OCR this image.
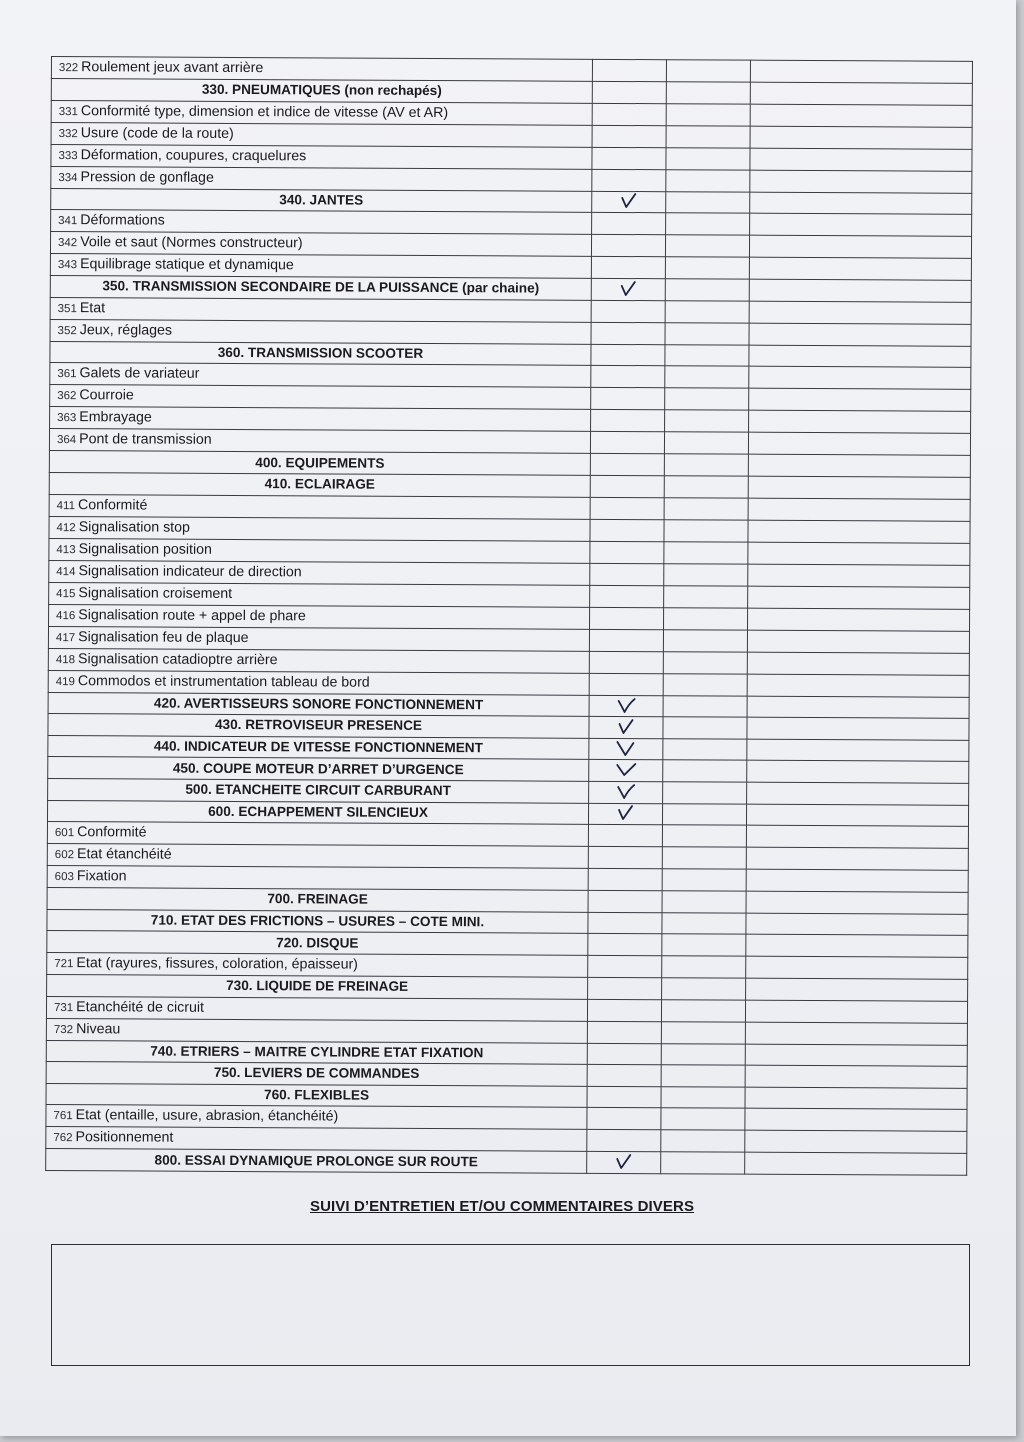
322 Roulement jeux avant arrière			
330. PNEUMATIQUES (non rechapés)			
331 Conformité type, dimension et indice de vitesse (AV et AR)			
332 Usure (code de la route)			
333 Déformation, coupures, craquelures			
334 Pression de gonflage			
340. JANTES			
341 Déformations			
342 Voile et saut (Normes constructeur)			
343 Equilibrage statique et dynamique			
350. TRANSMISSION SECONDAIRE DE LA PUISSANCE (par chaine)			
351 Etat			
352 Jeux, réglages			
360. TRANSMISSION SCOOTER			
361 Galets de variateur			
362 Courroie			
363 Embrayage			
364 Pont de transmission			
400. EQUIPEMENTS			
410. ECLAIRAGE			
411 Conformité			
412 Signalisation stop			
413 Signalisation position			
414 Signalisation indicateur de direction			
415 Signalisation croisement			
416 Signalisation route + appel de phare			
417 Signalisation feu de plaque			
418 Signalisation catadioptre arrière			
419 Commodos et instrumentation tableau de bord			
420. AVERTISSEURS SONORE FONCTIONNEMENT			
430. RETROVISEUR PRESENCE			
440. INDICATEUR DE VITESSE FONCTIONNEMENT			
450. COUPE MOTEUR D’ARRET D’URGENCE			
500. ETANCHEITE CIRCUIT CARBURANT			
600. ECHAPPEMENT SILENCIEUX			
601 Conformité			
602 Etat étanchéité			
603 Fixation			
700. FREINAGE			
710. ETAT DES FRICTIONS – USURES – COTE MINI.			
720. DISQUE			
721 Etat (rayures, fissures, coloration, épaisseur)			
730. LIQUIDE DE FREINAGE			
731 Etanchéité de cicruit			
732 Niveau			
740. ETRIERS – MAITRE CYLINDRE ETAT FIXATION			
750. LEVIERS DE COMMANDES			
760. FLEXIBLES			
761 Etat (entaille, usure, abrasion, étanchéité)			
762 Positionnement			
800. ESSAI DYNAMIQUE PROLONGE SUR ROUTE			
SUIVI D’ENTRETIEN ET/OU COMMENTAIRES DIVERS
